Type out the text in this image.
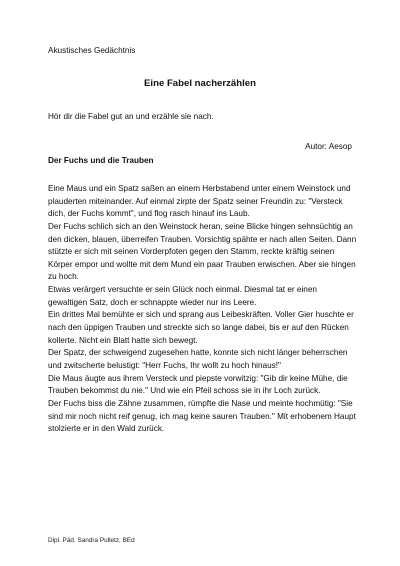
Akustisches Gedächtnis
Eine Fabel nacherzählen
Hör dir die Fabel gut an und erzähle sie nach.
Autor: Aesop
Der Fuchs und die Trauben
Eine Maus und ein Spatz saßen an einem Herbstabend unter einem Weinstock und
plauderten miteinander. Auf einmal zirpte der Spatz seiner Freundin zu: "Versteck
dich, der Fuchs kommt", und flog rasch hinauf ins Laub.
Der Fuchs schlich sich an den Weinstock heran, seine Blicke hingen sehnsüchtig an
den dicken, blauen, überreifen Trauben. Vorsichtig spähte er nach allen Seiten. Dann
stützte er sich mit seinen Vorderpfoten gegen den Stamm, reckte kräftig seinen
Körper empor und wollte mit dem Mund ein paar Trauben erwischen. Aber sie hingen
zu hoch.
Etwas verärgert versuchte er sein Glück noch einmal. Diesmal tat er einen
gewaltigen Satz, doch er schnappte wieder nur ins Leere.
Ein drittes Mal bemühte er sich und sprang aus Leibeskräften. Voller Gier huschte er
nach den üppigen Trauben und streckte sich so lange dabei, bis er auf den Rücken
kollerte. Nicht ein Blatt hatte sich bewegt.
Der Spatz, der schweigend zugesehen hatte, konnte sich nicht länger beherrschen
und zwitscherte belustigt: "Herr Fuchs, Ihr wollt zu hoch hinaus!"
Die Maus äugte aus ihrem Versteck und piepste vorwitzig: "Gib dir keine Mühe, die
Trauben bekommst du nie." Und wie ein Pfeil schoss sie in ihr Loch zurück.
Der Fuchs biss die Zähne zusammen, rümpfte die Nase und meinte hochmütig: "Sie
sind mir noch nicht reif genug, ich mag keine sauren Trauben." Mit erhobenem Haupt
stolzierte er in den Wald zurück.
Dipl. Päd. Sandra Pulletz, BEd
